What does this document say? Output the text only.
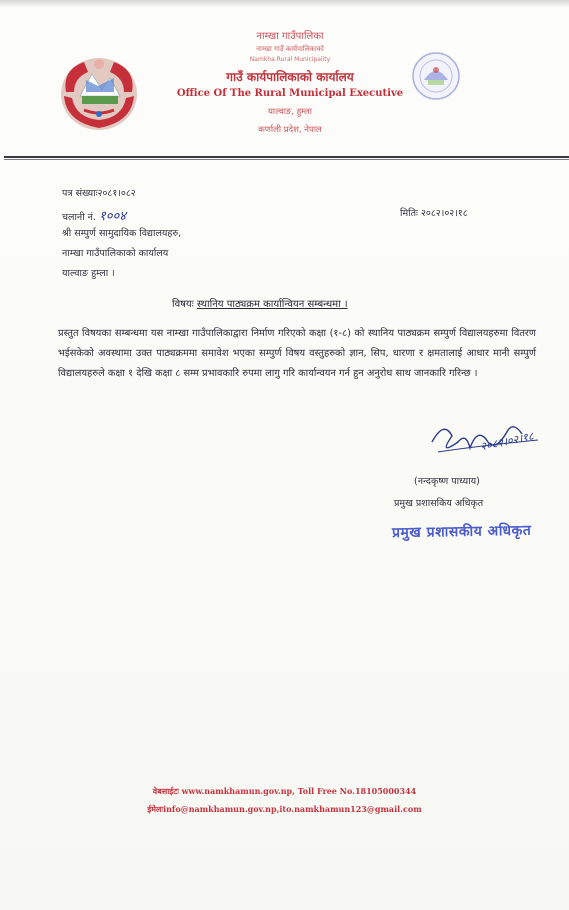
नाम्खा गाउँपालिका
नाम्खा गाउँ कार्यपालिकाको
Namkha Rural Municipality
गाउँ कार्यपालिकाको कार्यालय
Office Of The Rural Municipal Executive
याल्वाङ, हुम्ला
कर्णाली प्रदेश, नेपाल
पत्र संख्याः२०८१।०८२
चलानी नं. १००४	मितिः २०८२।०२।१८
श्री सम्पुर्ण सामुदायिक विद्यालयहरु,
नाम्खा गाउँपालिकाको कार्यालय
याल्वाङ हुम्ला ।
विषयः स्थानिय पाठ्यक्रम कार्यान्वियन सम्बन्धमा ।
प्रस्तुत विषयका सम्बन्धमा यस नाम्खा गाउँपालिकाद्वारा निर्माण गरिएको कक्षा (१-८) को स्थानिय पाठ्यक्रम सम्पुर्ण विद्यालयहरुमा वितरण भईसकेको अवस्थामा उक्त पाठ्यक्रममा समावेश भएका सम्पुर्ण विषय वस्तुहरुको ज्ञान, सिप, धारणा र क्षमतालाई आधार मानी सम्पुर्ण विद्यालयहरुले कक्षा १ देखि कक्षा ८ सम्म प्रभावकारि रुपमा लागु गरि कार्यान्वयन गर्न हुन अनुरोध साथ जानकारि गरिन्छ ।
२०८२।०२।१८
(नन्दकृष्ण पाध्याय)
प्रमुख प्रशासकिय अधिकृत
प्रमुख प्रशासकीय अधिकृत
वेबसाईटः www.namkhamun.gov.np, Toll Free No.18105000344
ईमेलःinfo@namkhamun.gov.np,ito.namkhamun123@gmail.com
